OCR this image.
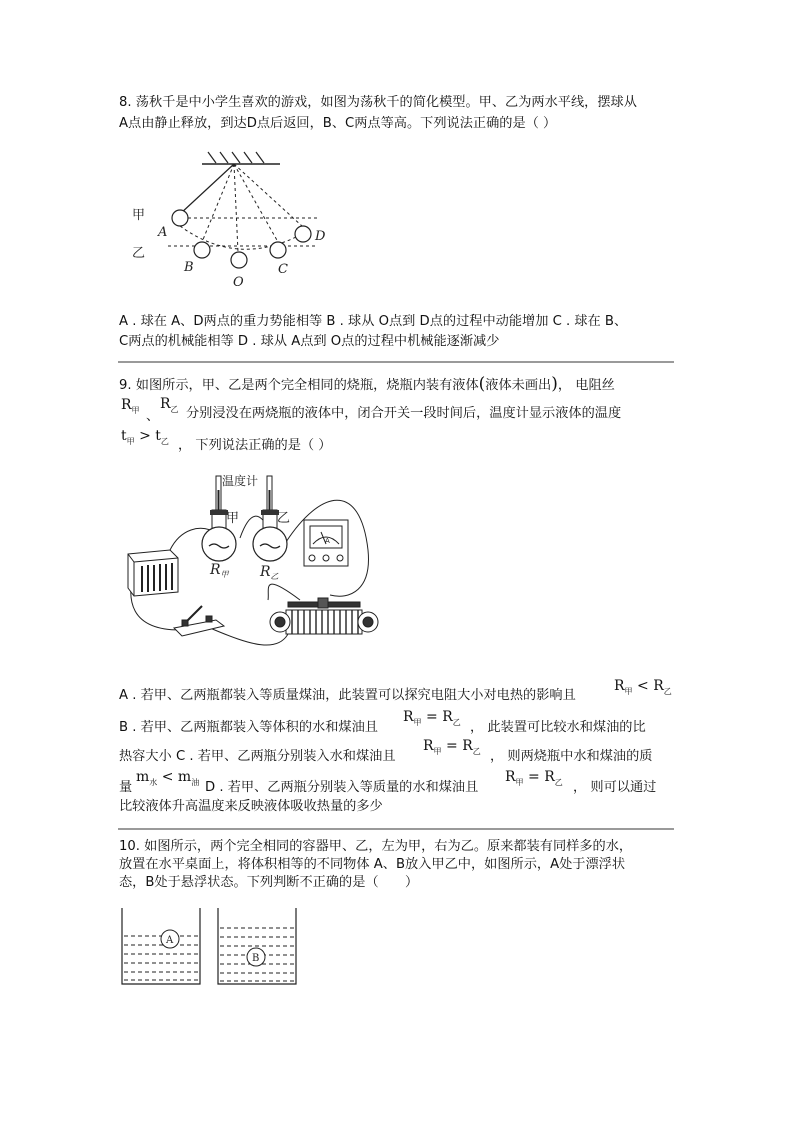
8. 荡秋千是中小学生喜欢的游戏，如图为荡秋千的简化模型。甲、乙为两水平线，摆球从
A点由静止释放，到达D点后返回，B、C两点等高。下列说法正确的是（ ）
甲
乙
A
B
O
C
D
A . 球在 A、D两点的重力势能相等 B . 球从 O点到 D点的过程中动能增加 C . 球在 B、
C两点的机械能相等 D . 球从 A点到 O点的过程中机械能逐渐减少
9. 如图所示，甲、乙是两个完全相同的烧瓶，烧瓶内装有液体(液体未画出)， 电阻丝
$R_甲$ 、
$R_乙$ 分别浸没在两烧瓶的液体中，闭合开关一段时间后，温度计显示液体的温度
$t_甲 > t_乙$ ， 下列说法正确的是（ ）
温度计
甲	乙
$R_甲$ $R_乙$
A
A . 若甲、乙两瓶都装入等质量煤油，此装置可以探究电阻大小对电热的影响且
$R_甲 < R_乙$
B . 若甲、乙两瓶都装入等体积的水和煤油且
$R_甲 = R_乙$ ， 此装置可比较水和煤油的比
热容大小 C . 若甲、乙两瓶分别装入水和煤油且
$R_甲 = R_乙$ ， 则两烧瓶中水和煤油的质
量
$m_水 < m_油$ D . 若甲、乙两瓶分别装入等质量的水和煤油且
$R_甲 = R_乙$ ， 则可以通过
比较液体升高温度来反映液体吸收热量的多少
10. 如图所示，两个完全相同的容器甲、乙，左为甲，右为乙。原来都装有同样多的水，
放置在水平桌面上，将体积相等的不同物体 A、B放入甲乙中，如图所示，A处于漂浮状
态，B处于悬浮状态。下列判断不正确的是（　　）
A
B
